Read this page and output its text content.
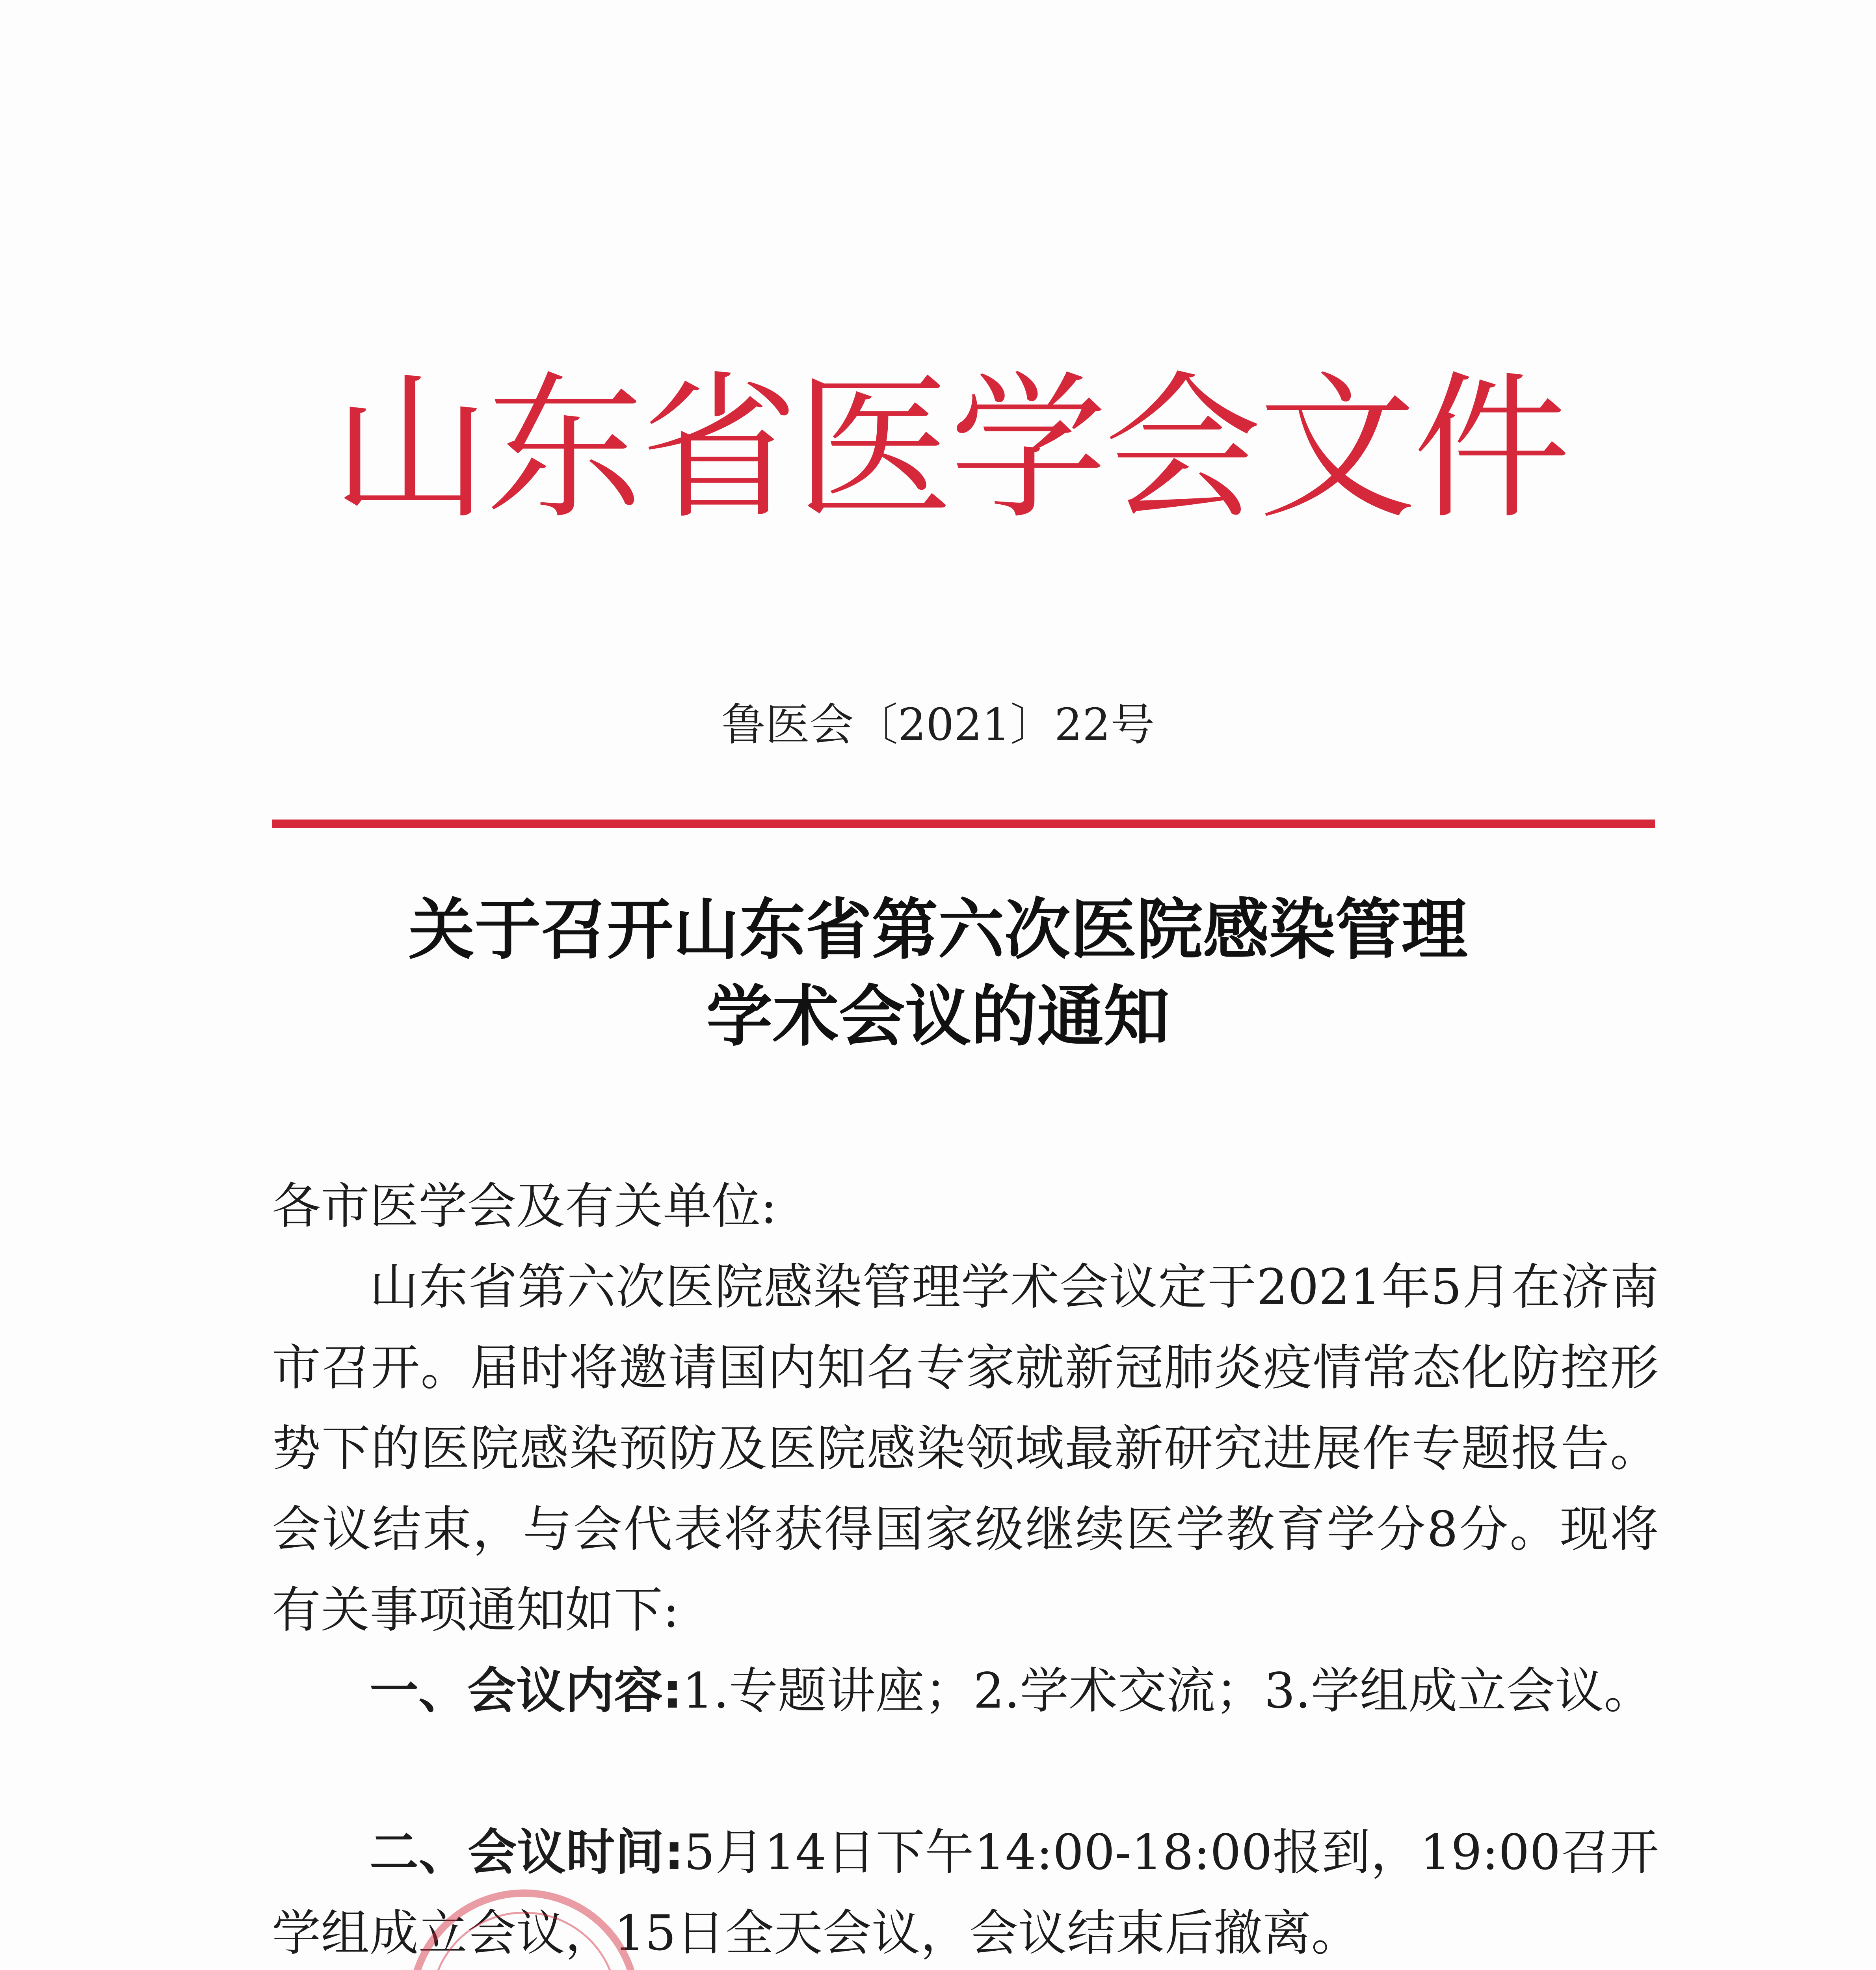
山东省医学会文件
鲁医会〔2021〕22号
关于召开山东省第六次医院感染管理
学术会议的通知
各市医学会及有关单位:
山东省第六次医院感染管理学术会议定于2021年5月在济南市召开。届时将邀请国内知名专家就新冠肺炎疫情常态化防控形势下的医院感染预防及医院感染领域最新研究进展作专题报告。会议结束，与会代表将获得国家级继续医学教育学分8分。现将有关事项通知如下:
一、会议内容:1.专题讲座；2.学术交流；3.学组成立会议。
二、会议时间:5月14日下午14:00-18:00报到，19:00召开学组成立会议，15日全天会议，会议结束后撤离。
